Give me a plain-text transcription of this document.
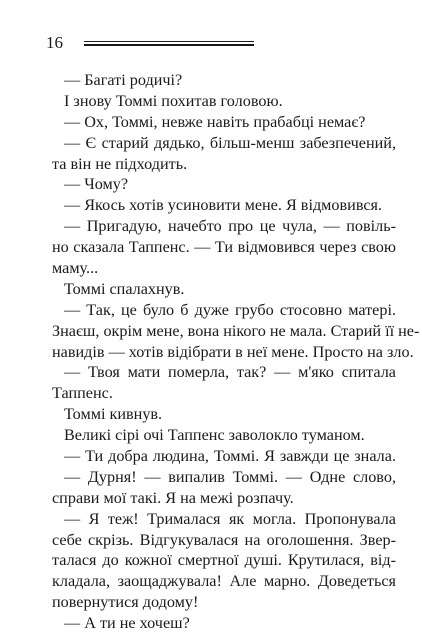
16
— Багаті родичі?
І знову Томмі похитав головою.
— Ох, Томмі, невже навіть прабабці немає?
— Є старий дядько, більш-менш забезпечений,
та він не підходить.
— Чому?
— Якось хотів усиновити мене. Я відмовився.
— Пригадую, начебто про це чула, — повіль-
но сказала Таппенс. — Ти відмовився через свою
маму...
Томмі спалахнув.
— Так, це було б дуже грубо стосовно матері.
Знаєш, окрім мене, вона нікого не мала. Старий її не-
навидів — хотів відібрати в неї мене. Просто на зло.
— Твоя мати померла, так? — м'яко спитала
Таппенс.
Томмі кивнув.
Великі сірі очі Таппенс заволокло туманом.
— Ти добра людина, Томмі. Я завжди це знала.
— Дурня! — випалив Томмі. — Одне слово,
справи мої такі. Я на межі розпачу.
— Я теж! Трималася як могла. Пропонувала
себе скрізь. Відгукувалася на оголошення. Звер-
талася до кожної смертної душі. Крутилася, від-
кладала, заощаджувала! Але марно. Доведеться
повернутися додому!
— А ти не хочеш?
